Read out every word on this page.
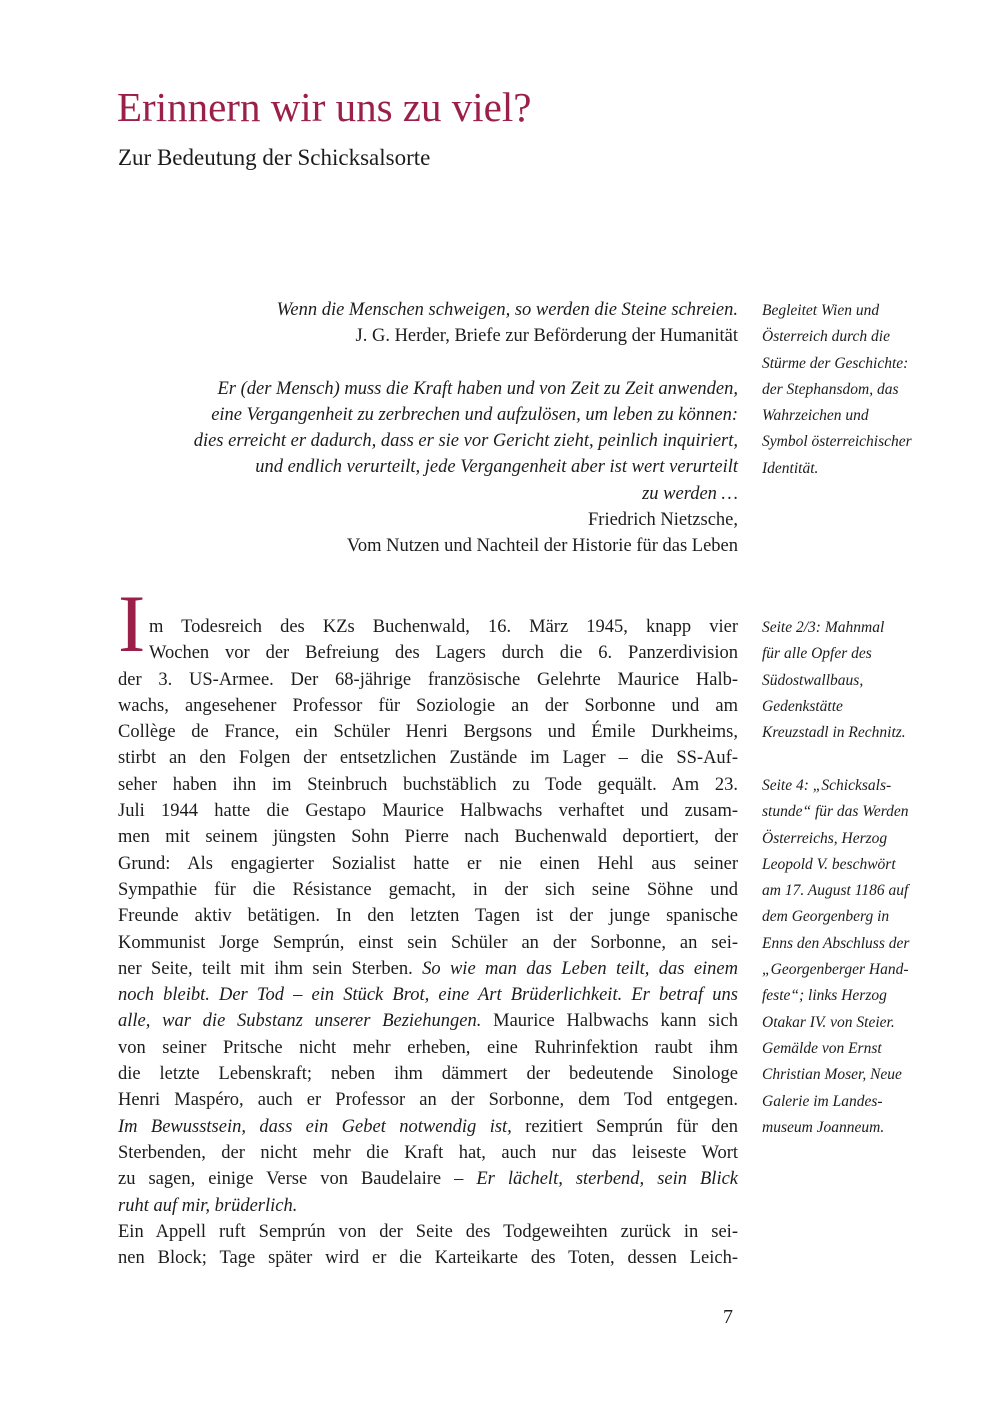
Erinnern wir uns zu viel?
Zur Bedeutung der Schicksalsorte
Wenn die Menschen schweigen, so werden die Steine schreien.
J. G. Herder, Briefe zur Beförderung der Humanität
Er (der Mensch) muss die Kraft haben und von Zeit zu Zeit anwenden,
eine Vergangenheit zu zerbrechen und aufzulösen, um leben zu können:
dies erreicht er dadurch, dass er sie vor Gericht zieht, peinlich inquiriert,
und endlich verurteilt, jede Vergangenheit aber ist wert verurteilt
zu werden …
Friedrich Nietzsche,
Vom Nutzen und Nachteil der Historie für das Leben
Begleitet Wien und
Österreich durch die
Stürme der Geschichte:
der Stephansdom, das
Wahrzeichen und
Symbol österreichischer
Identität.
Seite 2/3: Mahnmal
für alle Opfer des
Südostwallbaus,
Gedenkstätte
Kreuzstadl in Rechnitz.
Seite 4: „Schicksals-
stunde“ für das Werden
Österreichs, Herzog
Leopold V. beschwört
am 17. August 1186 auf
dem Georgenberg in
Enns den Abschluss der
„Georgenberger Hand-
feste“; links Herzog
Otakar IV. von Steier.
Gemälde von Ernst
Christian Moser, Neue
Galerie im Landes-
museum Joanneum.
I m Todesreich des KZs Buchenwald, 16. März 1945, knapp vier
Wochen vor der Befreiung des Lagers durch die 6. Panzerdivision
der 3. US-Armee. Der 68-jährige französische Gelehrte Maurice Halb-
wachs, angesehener Professor für Soziologie an der Sorbonne und am
Collège de France, ein Schüler Henri Bergsons und Émile Durkheims,
stirbt an den Folgen der entsetzlichen Zustände im Lager – die SS-Auf-
seher haben ihn im Steinbruch buchstäblich zu Tode gequält. Am 23.
Juli 1944 hatte die Gestapo Maurice Halbwachs verhaftet und zusam-
men mit seinem jüngsten Sohn Pierre nach Buchenwald deportiert, der
Grund: Als engagierter Sozialist hatte er nie einen Hehl aus seiner
Sympathie für die Résistance gemacht, in der sich seine Söhne und
Freunde aktiv betätigen. In den letzten Tagen ist der junge spanische
Kommunist Jorge Semprún, einst sein Schüler an der Sorbonne, an sei-
ner Seite, teilt mit ihm sein Sterben. So wie man das Leben teilt, das einem
noch bleibt. Der Tod – ein Stück Brot, eine Art Brüderlichkeit. Er betraf uns
alle, war die Substanz unserer Beziehungen. Maurice Halbwachs kann sich
von seiner Pritsche nicht mehr erheben, eine Ruhrinfektion raubt ihm
die letzte Lebenskraft; neben ihm dämmert der bedeutende Sinologe
Henri Maspéro, auch er Professor an der Sorbonne, dem Tod entgegen.
Im Bewusstsein, dass ein Gebet notwendig ist, rezitiert Semprún für den
Sterbenden, der nicht mehr die Kraft hat, auch nur das leiseste Wort
zu sagen, einige Verse von Baudelaire – Er lächelt, sterbend, sein Blick
ruht auf mir, brüderlich.
Ein Appell ruft Semprún von der Seite des Todgeweihten zurück in sei-
nen Block; Tage später wird er die Karteikarte des Toten, dessen Leich-
7
